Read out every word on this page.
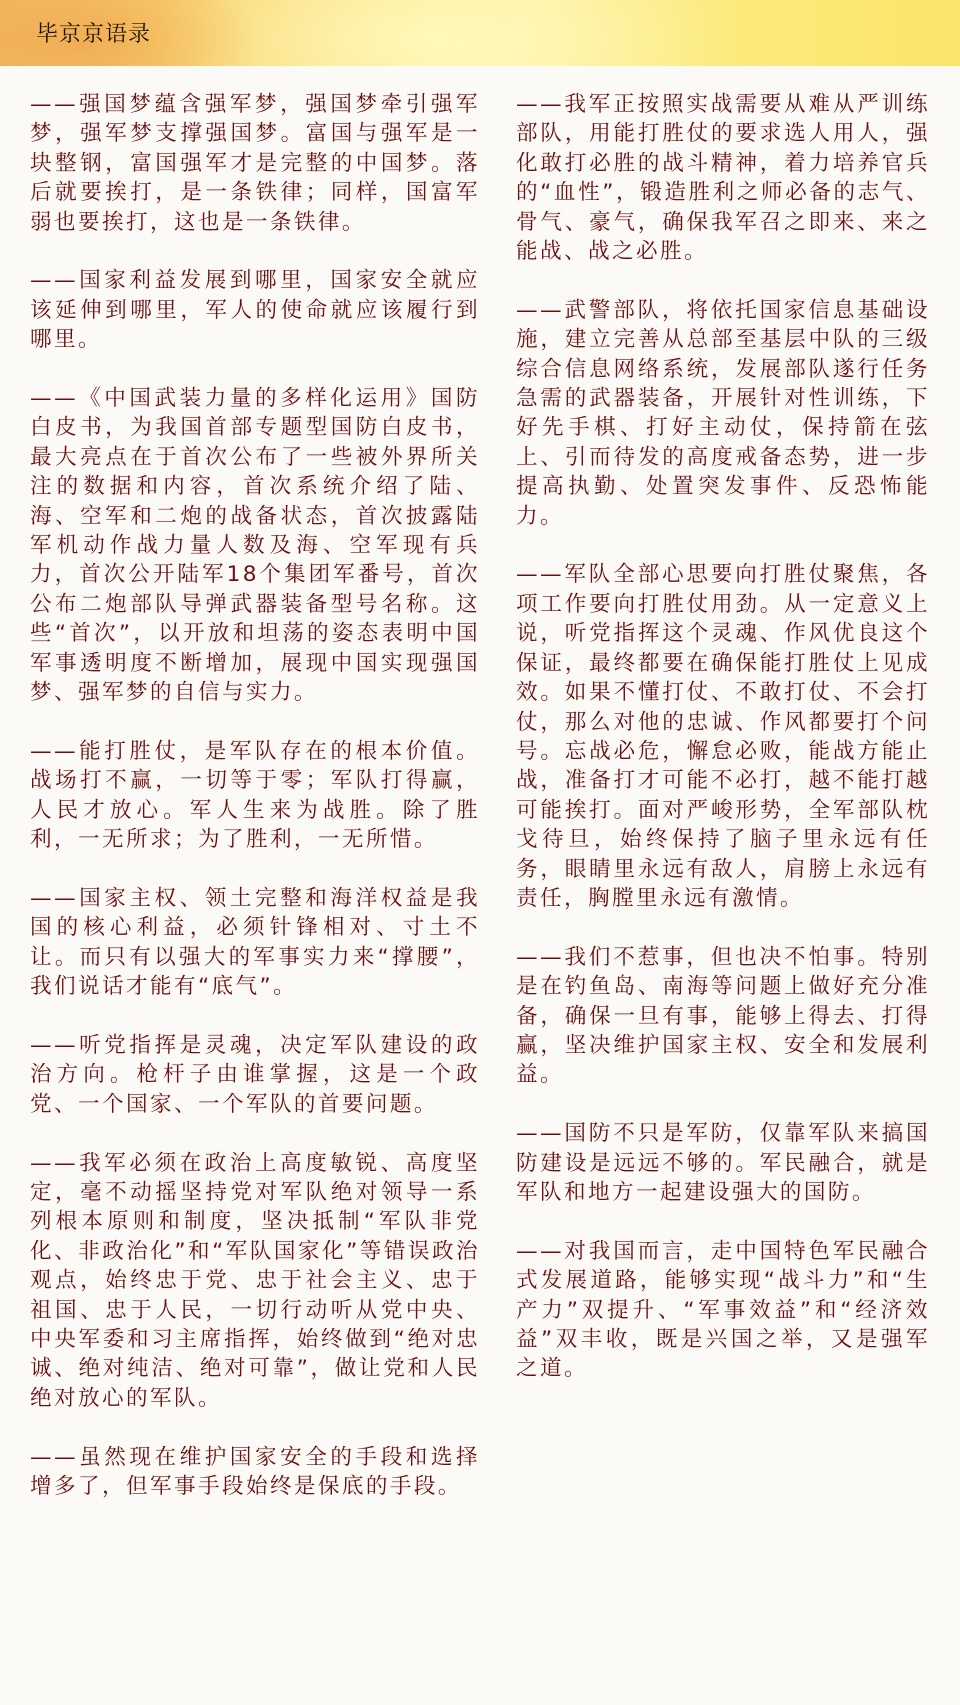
毕京京语录

——强国梦蕴含强军梦，强国梦牵引强军梦，强军梦支撑强国梦。富国与强军是一块整钢，富国强军才是完整的中国梦。落后就要挨打，是一条铁律；同样，国富军弱也要挨打，这也是一条铁律。

——国家利益发展到哪里，国家安全就应该延伸到哪里，军人的使命就应该履行到哪里。

——《中国武装力量的多样化运用》国防白皮书，为我国首部专题型国防白皮书，最大亮点在于首次公布了一些被外界所关注的数据和内容，首次系统介绍了陆、海、空军和二炮的战备状态，首次披露陆军机动作战力量人数及海、空军现有兵力，首次公开陆军18个集团军番号，首次公布二炮部队导弹武器装备型号名称。这些“首次”，以开放和坦荡的姿态表明中国军事透明度不断增加，展现中国实现强国梦、强军梦的自信与实力。

——能打胜仗，是军队存在的根本价值。战场打不赢，一切等于零；军队打得赢，人民才放心。军人生来为战胜。除了胜利，一无所求；为了胜利，一无所惜。

——国家主权、领土完整和海洋权益是我国的核心利益，必须针锋相对、寸土不让。而只有以强大的军事实力来“撑腰”，我们说话才能有“底气”。

——听党指挥是灵魂，决定军队建设的政治方向。枪杆子由谁掌握，这是一个政党、一个国家、一个军队的首要问题。

——我军必须在政治上高度敏锐、高度坚定，毫不动摇坚持党对军队绝对领导一系列根本原则和制度，坚决抵制“军队非党化、非政治化”和“军队国家化”等错误政治观点，始终忠于党、忠于社会主义、忠于祖国、忠于人民，一切行动听从党中央、中央军委和习主席指挥，始终做到“绝对忠诚、绝对纯洁、绝对可靠”，做让党和人民绝对放心的军队。

——虽然现在维护国家安全的手段和选择增多了，但军事手段始终是保底的手段。

——我军正按照实战需要从难从严训练部队，用能打胜仗的要求选人用人，强化敢打必胜的战斗精神，着力培养官兵的“血性”，锻造胜利之师必备的志气、骨气、豪气，确保我军召之即来、来之能战、战之必胜。

——武警部队，将依托国家信息基础设施，建立完善从总部至基层中队的三级综合信息网络系统，发展部队遂行任务急需的武器装备，开展针对性训练，下好先手棋、打好主动仗，保持箭在弦上、引而待发的高度戒备态势，进一步提高执勤、处置突发事件、反恐怖能力。

——军队全部心思要向打胜仗聚焦，各项工作要向打胜仗用劲。从一定意义上说，听党指挥这个灵魂、作风优良这个保证，最终都要在确保能打胜仗上见成效。如果不懂打仗、不敢打仗、不会打仗，那么对他的忠诚、作风都要打个问号。忘战必危，懈怠必败，能战方能止战，准备打才可能不必打，越不能打越可能挨打。面对严峻形势，全军部队枕戈待旦，始终保持了脑子里永远有任务，眼睛里永远有敌人，肩膀上永远有责任，胸膛里永远有激情。

——我们不惹事，但也决不怕事。特别是在钓鱼岛、南海等问题上做好充分准备，确保一旦有事，能够上得去、打得赢，坚决维护国家主权、安全和发展利益。

——国防不只是军防，仅靠军队来搞国防建设是远远不够的。军民融合，就是军队和地方一起建设强大的国防。

——对我国而言，走中国特色军民融合式发展道路，能够实现“战斗力”和“生产力”双提升、“军事效益”和“经济效益”双丰收，既是兴国之举，又是强军之道。
